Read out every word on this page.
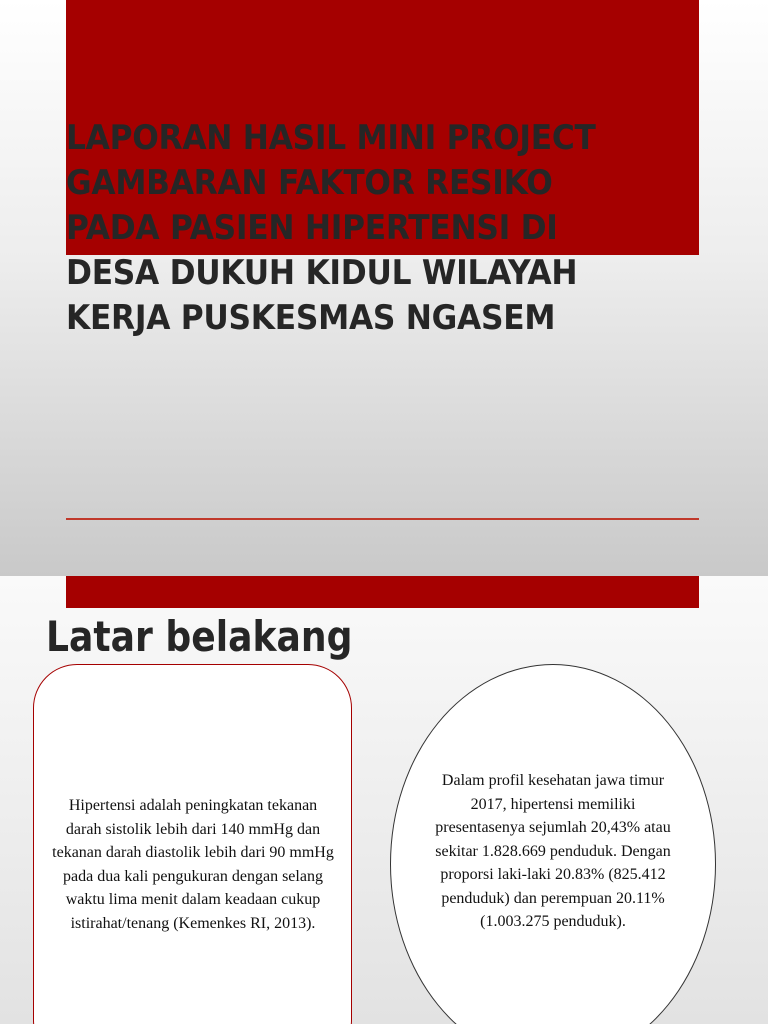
LAPORAN HASIL MINI PROJECT GAMBARAN FAKTOR RESIKO PADA PASIEN HIPERTENSI DI DESA DUKUH KIDUL WILAYAH KERJA PUSKESMAS NGASEM
Latar belakang

Hipertensi adalah peningkatan tekanan darah sistolik lebih dari 140 mmHg dan tekanan darah diastolik lebih dari 90 mmHg pada dua kali pengukuran dengan selang waktu lima menit dalam keadaan cukup istirahat/tenang (Kemenkes RI, 2013).

Dalam profil kesehatan jawa timur 2017, hipertensi memiliki presentasenya sejumlah 20,43% atau sekitar 1.828.669 penduduk. Dengan proporsi laki-laki 20.83% (825.412 penduduk) dan perempuan 20.11% (1.003.275 penduduk).
